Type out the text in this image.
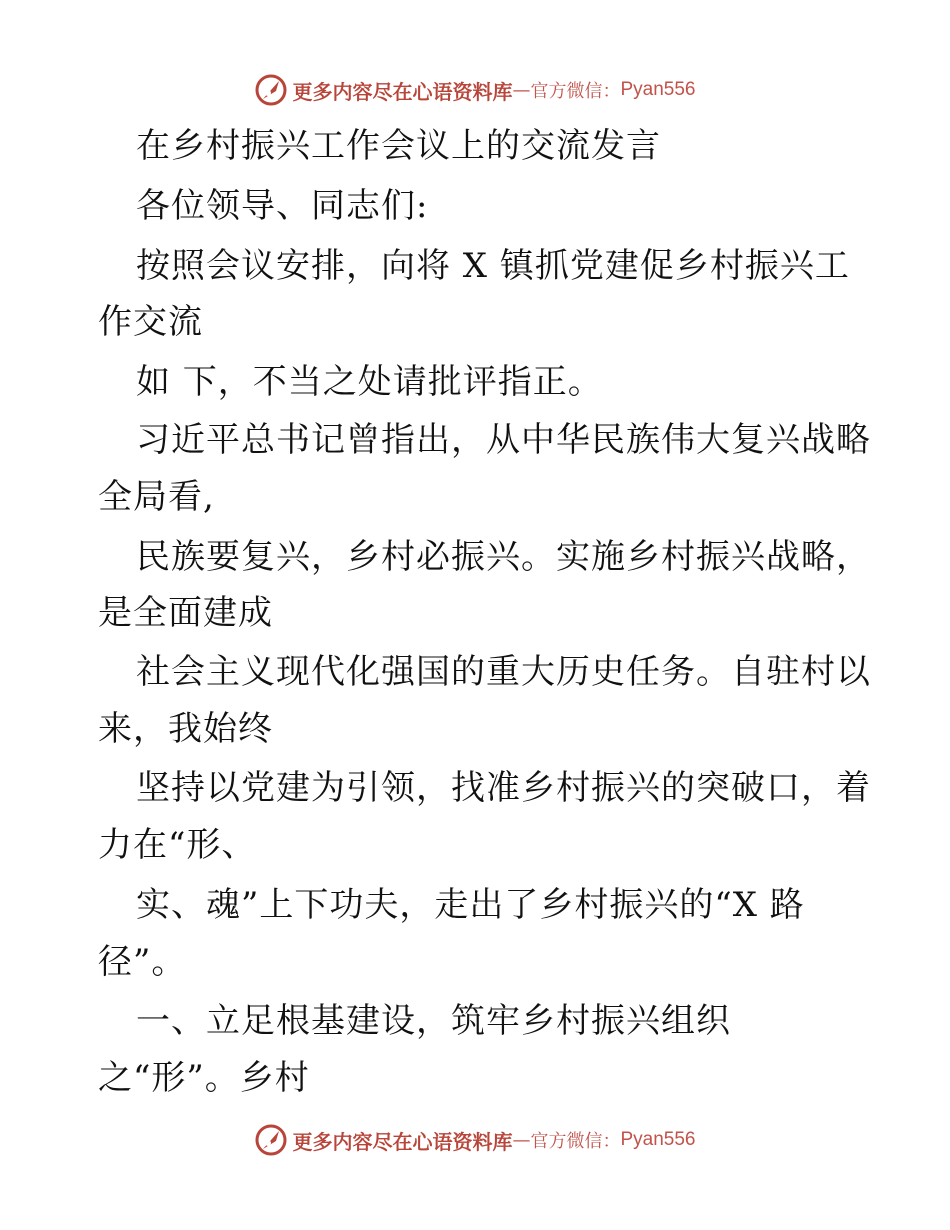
更多内容尽在心语资料库 — 官方微信： Pyan556
在乡村振兴工作会议上的交流发言
各位领导、同志们:
按照会议安排，向将 X 镇抓党建促乡村振兴工
作交流
如 下，不当之处请批评指正。
习近平总书记曾指出，从中华民族伟大复兴战略
全局看,
民族要复兴，乡村必振兴。实施乡村振兴战略，
是全面建成
社会主义现代化强国的重大历史任务。自驻村以
来，我始终
坚持以党建为引领，找准乡村振兴的突破口，着
力在“形、
实、魂”上下功夫，走出了乡村振兴的“X 路
径”。
一、立足根基建设，筑牢乡村振兴组织
之“形”。乡村
更多内容尽在心语资料库 — 官方微信： Pyan556
